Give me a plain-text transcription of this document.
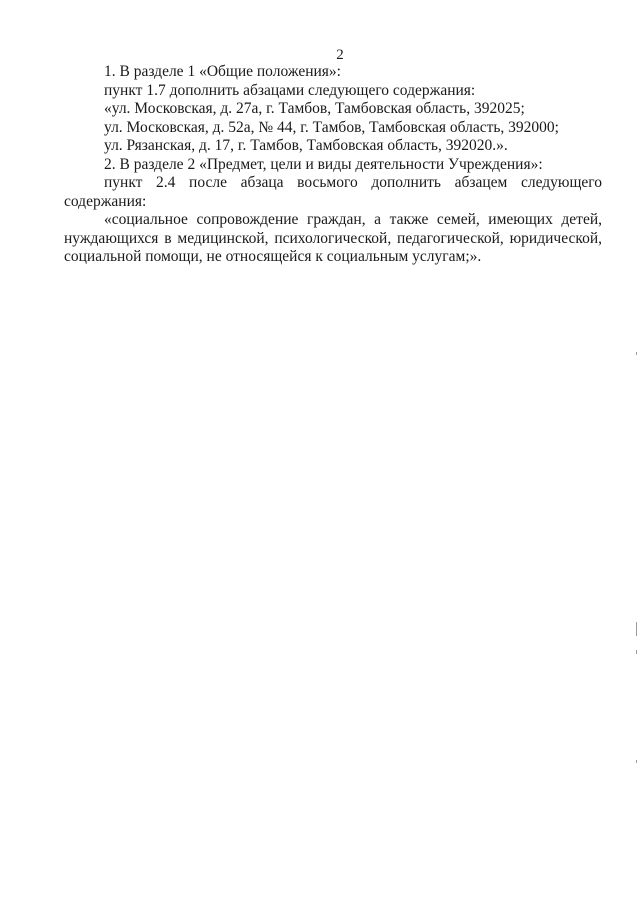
2

1. В разделе 1 «Общие положения»:

пункт 1.7 дополнить абзацами следующего содержания:

«ул. Московская, д. 27а, г. Тамбов, Тамбовская область, 392025;

ул. Московская, д. 52а, № 44, г. Тамбов, Тамбовская область, 392000;

ул. Рязанская, д. 17, г. Тамбов, Тамбовская область, 392020.».

2. В разделе 2 «Предмет, цели и виды деятельности Учреждения»:

пункт 2.4 после абзаца восьмого дополнить абзацем следующего содержания:

«социальное сопровождение граждан, а также семей, имеющих детей, нуждающихся в медицинской, психологической, педагогической, юридической, социальной помощи, не относящейся к социальным услугам;».
